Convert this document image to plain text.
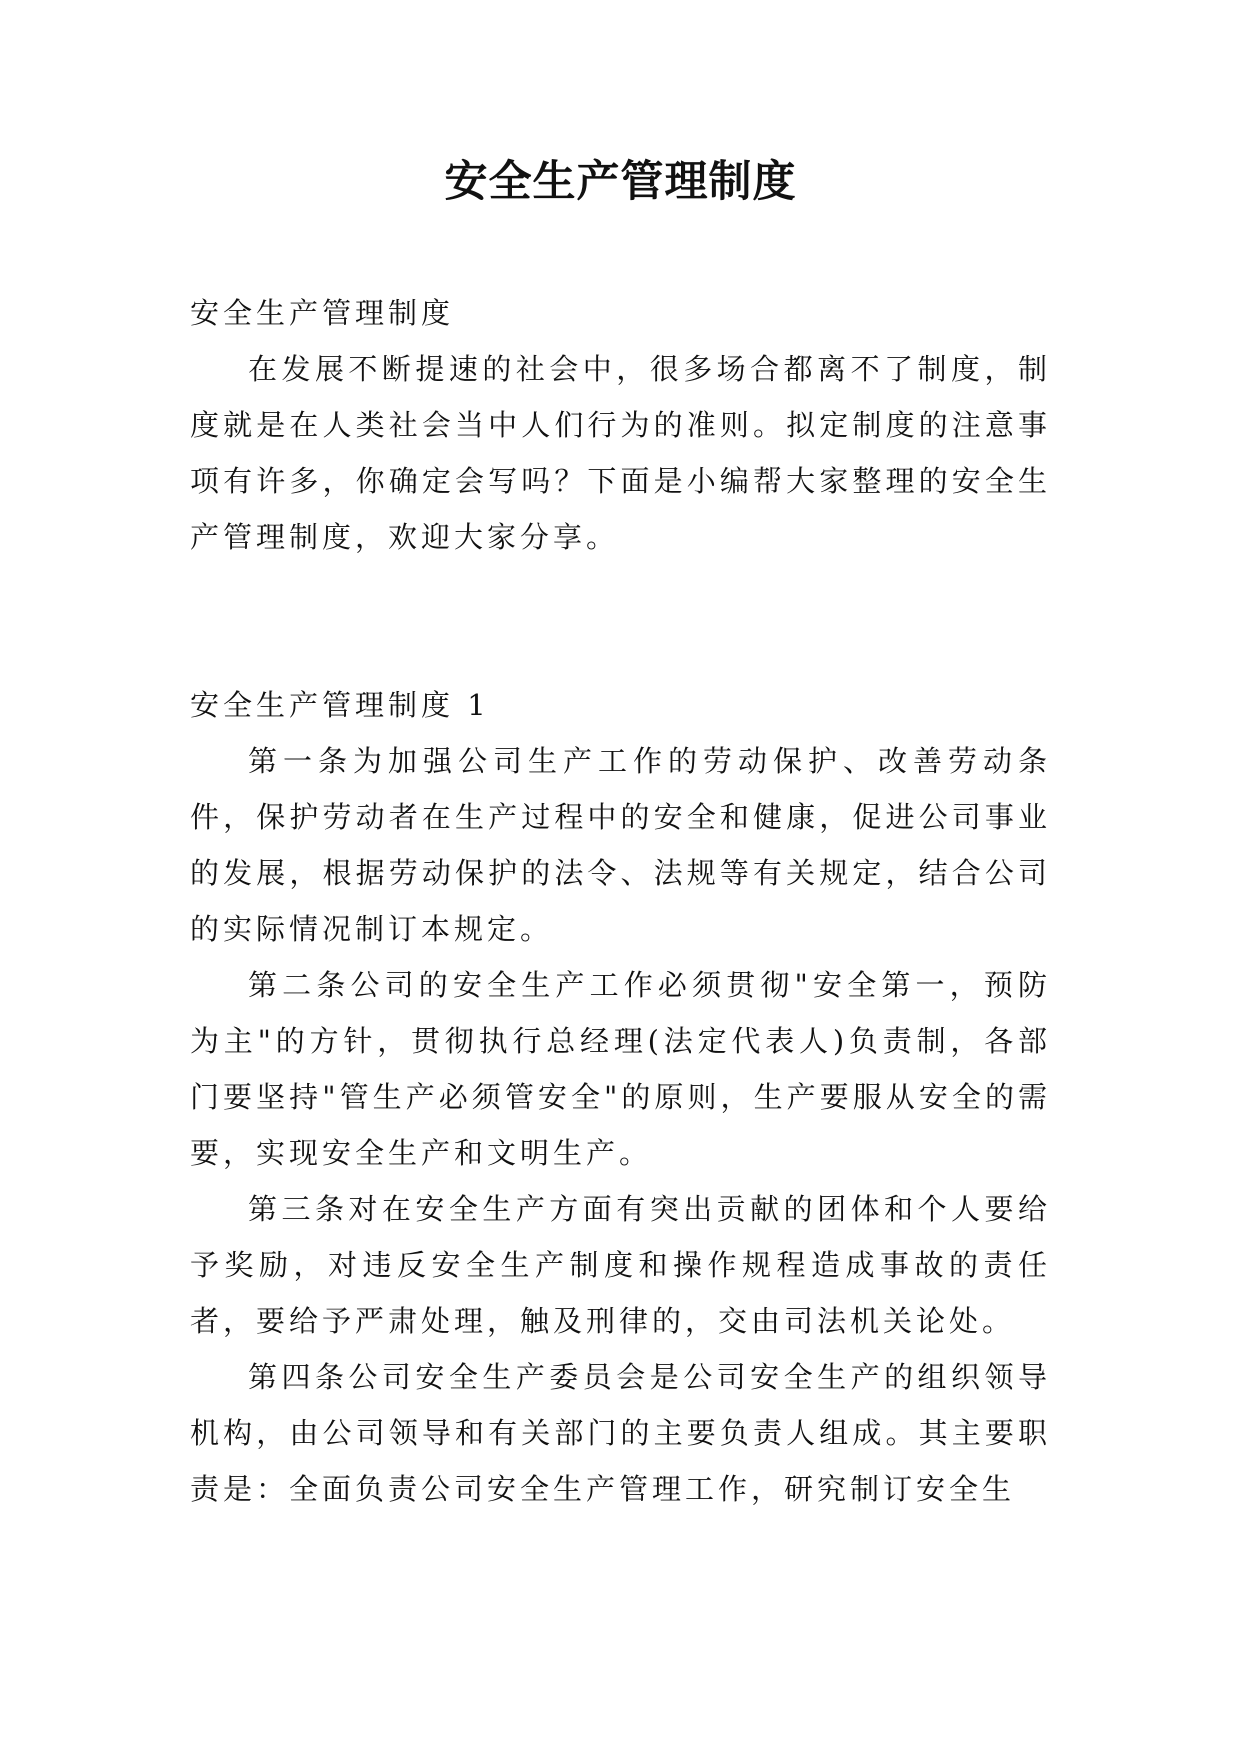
安全生产管理制度
安全生产管理制度

在发展不断提速的社会中，很多场合都离不了制度，制度就是在人类社会当中人们行为的准则。拟定制度的注意事项有许多，你确定会写吗？下面是小编帮大家整理的安全生产管理制度，欢迎大家分享。

安全生产管理制度 1

第一条为加强公司生产工作的劳动保护、改善劳动条件，保护劳动者在生产过程中的安全和健康，促进公司事业的发展，根据劳动保护的法令、法规等有关规定，结合公司的实际情况制订本规定。

第二条公司的安全生产工作必须贯彻"安全第一，预防为主"的方针，贯彻执行总经理(法定代表人)负责制，各部门要坚持"管生产必须管安全"的原则，生产要服从安全的需要，实现安全生产和文明生产。

第三条对在安全生产方面有突出贡献的团体和个人要给予奖励，对违反安全生产制度和操作规程造成事故的责任者，要给予严肃处理，触及刑律的，交由司法机关论处。

第四条公司安全生产委员会是公司安全生产的组织领导机构，由公司领导和有关部门的主要负责人组成。其主要职责是：全面负责公司安全生产管理工作，研究制订安全生
